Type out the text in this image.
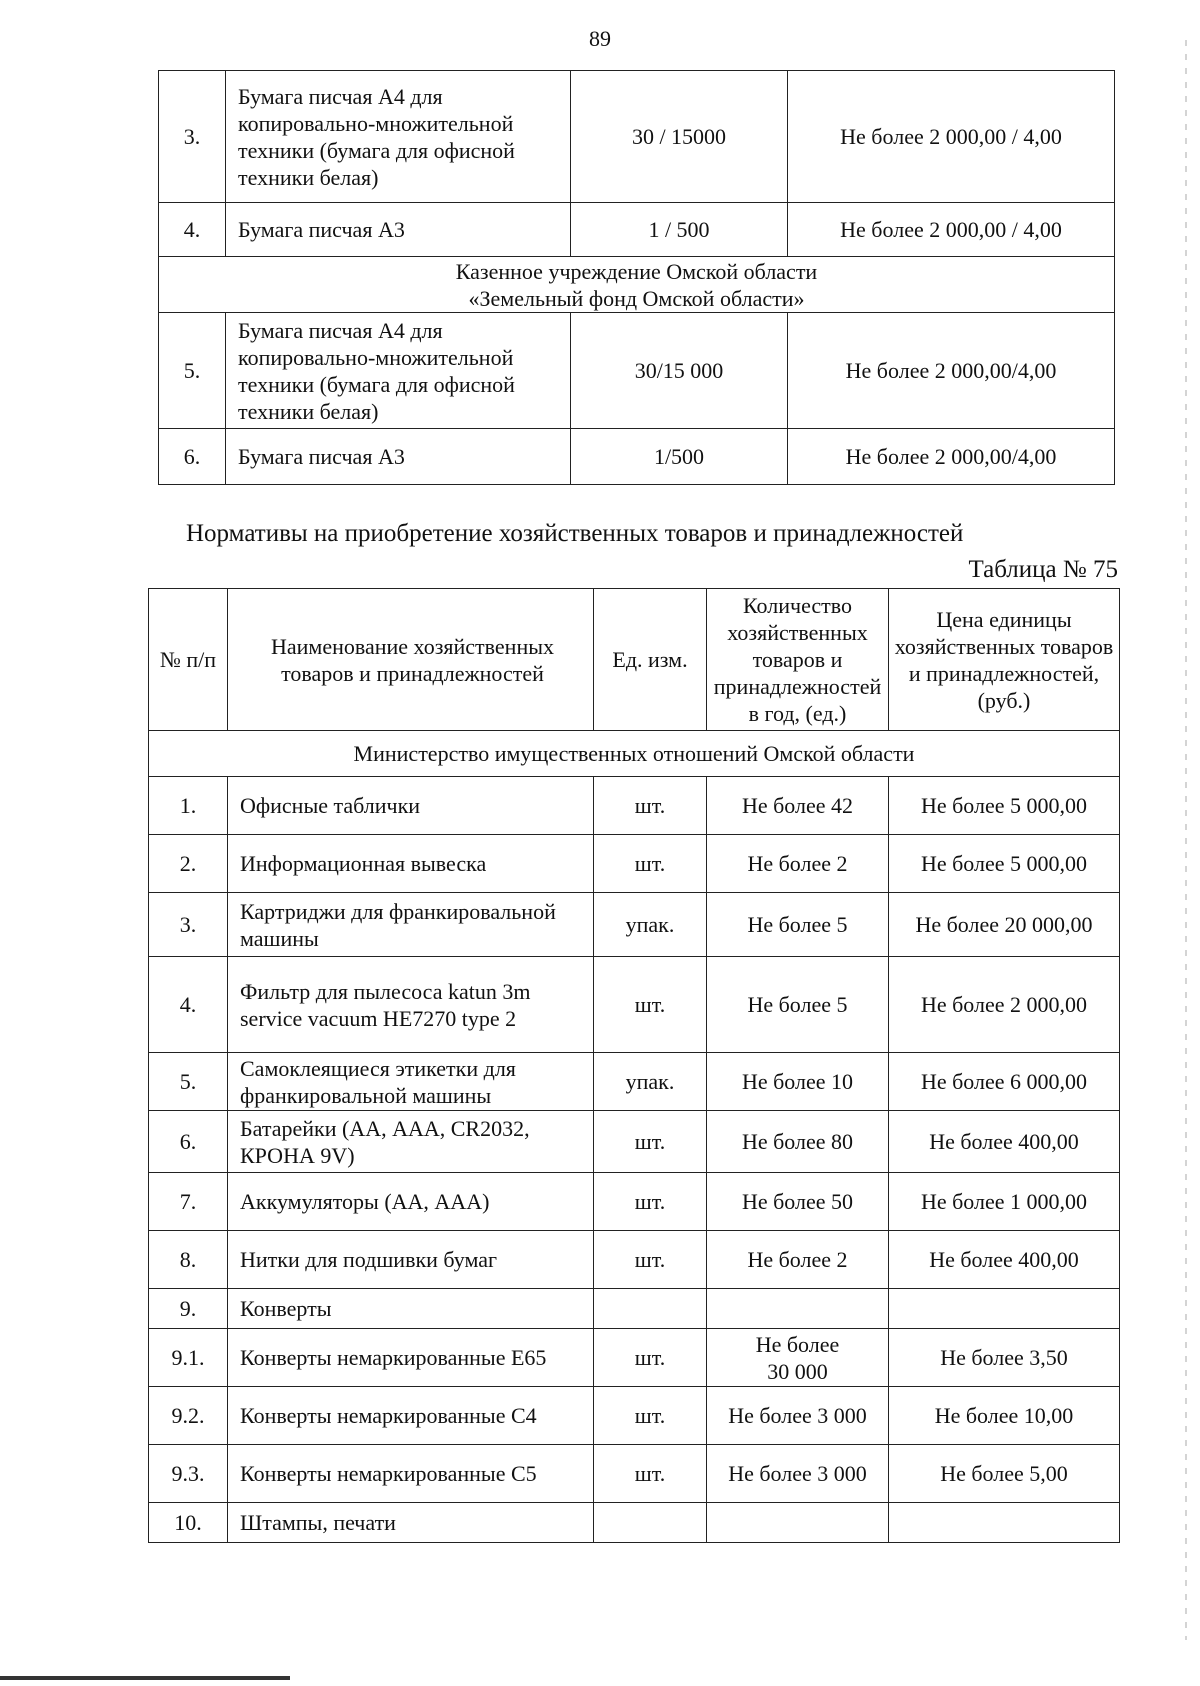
89
3.	Бумага писчая А4 для копировально-множительной техники (бумага для офисной техники белая)	30 / 15000	Не более 2 000,00 / 4,00
4.	Бумага писчая А3	1 / 500	Не более 2 000,00 / 4,00
Казенное учреждение Омской области «Земельный фонд Омской области»			
5.	Бумага писчая А4 для копировально-множительной техники (бумага для офисной техники белая)	30/15 000	Не более 2 000,00/4,00
6.	Бумага писчая А3	1/500	Не более 2 000,00/4,00
Нормативы на приобретение хозяйственных товаров и принадлежностей
Таблица № 75
№ п/п	Наименование хозяйственных товаров и принадлежностей	Ед. изм.	Количество хозяйственных товаров и принадлежностей в год, (ед.)	Цена единицы хозяйственных товаров и принадлежностей, (руб.)
Министерство имущественных отношений Омской области				
1.	Офисные таблички	шт.	Не более 42	Не более 5 000,00
2.	Информационная вывеска	шт.	Не более 2	Не более 5 000,00
3.	Картриджи для франкировальной машины	упак.	Не более 5	Не более 20 000,00
4.	Фильтр для пылесоса katun 3m service vacuum HE7270 type 2	шт.	Не более 5	Не более 2 000,00
5.	Самоклеящиеся этикетки для франкировальной машины	упак.	Не более 10	Не более 6 000,00
6.	Батарейки (АА, ААА, CR2032, КРОНА 9V)	шт.	Не более 80	Не более 400,00
7.	Аккумуляторы (АА, ААА)	шт.	Не более 50	Не более 1 000,00
8.	Нитки для подшивки бумаг	шт.	Не более 2	Не более 400,00
9.	Конверты			
9.1.	Конверты немаркированные Е65	шт.	Не более 30 000	Не более 3,50
9.2.	Конверты немаркированные С4	шт.	Не более 3 000	Не более 10,00
9.3.	Конверты немаркированные С5	шт.	Не более 3 000	Не более 5,00
10.	Штампы, печати			
